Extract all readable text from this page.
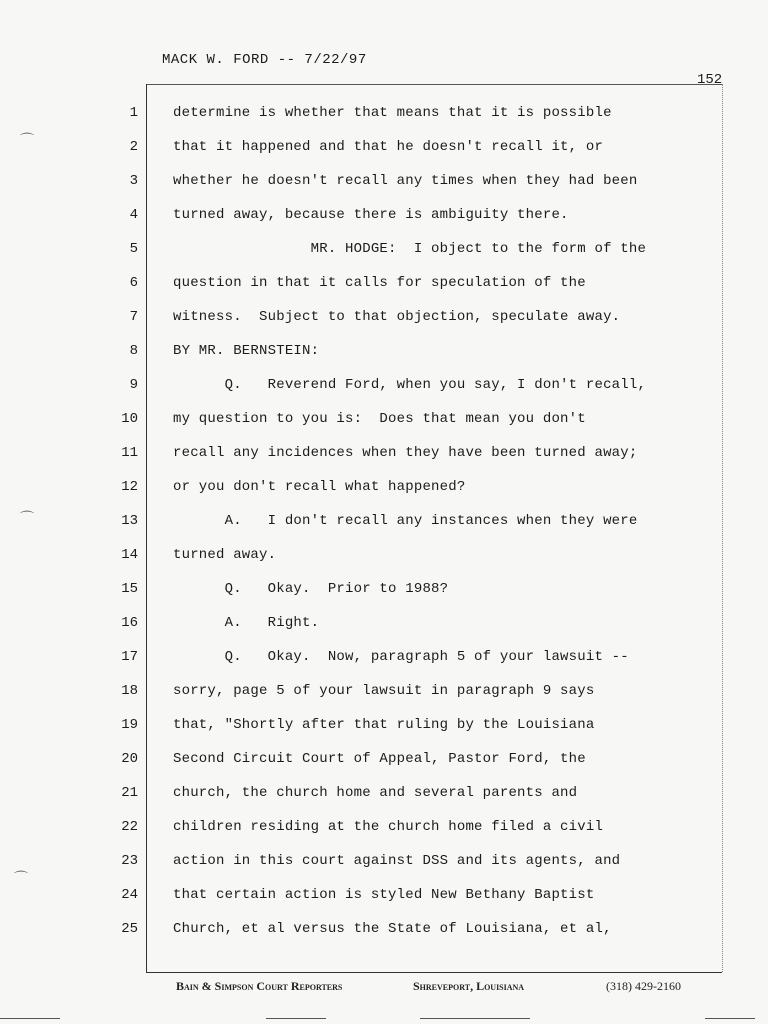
MACK W. FORD -- 7/22/97
152
1	determine is whether that means that it is possible
2	that it happened and that he doesn't recall it, or
3	whether he doesn't recall any times when they had been
4	turned away, because there is ambiguity there.
5	MR. HODGE:  I object to the form of the
6	question in that it calls for speculation of the
7	witness.  Subject to that objection, speculate away.
8	BY MR. BERNSTEIN:
9	Q.   Reverend Ford, when you say, I don't recall,
10	my question to you is:  Does that mean you don't
11	recall any incidences when they have been turned away;
12	or you don't recall what happened?
13	A.   I don't recall any instances when they were
14	turned away.
15	Q.   Okay.  Prior to 1988?
16	A.   Right.
17	Q.   Okay.  Now, paragraph 5 of your lawsuit --
18	sorry, page 5 of your lawsuit in paragraph 9 says
19	that, "Shortly after that ruling by the Louisiana
20	Second Circuit Court of Appeal, Pastor Ford, the
21	church, the church home and several parents and
22	children residing at the church home filed a civil
23	action in this court against DSS and its agents, and
24	that certain action is styled New Bethany Baptist
25	Church, et al versus the State of Louisiana, et al,
Bain & Simpson Court Reporters	Shreveport, Louisiana	(318) 429-2160
⌒
⌒
⌒
